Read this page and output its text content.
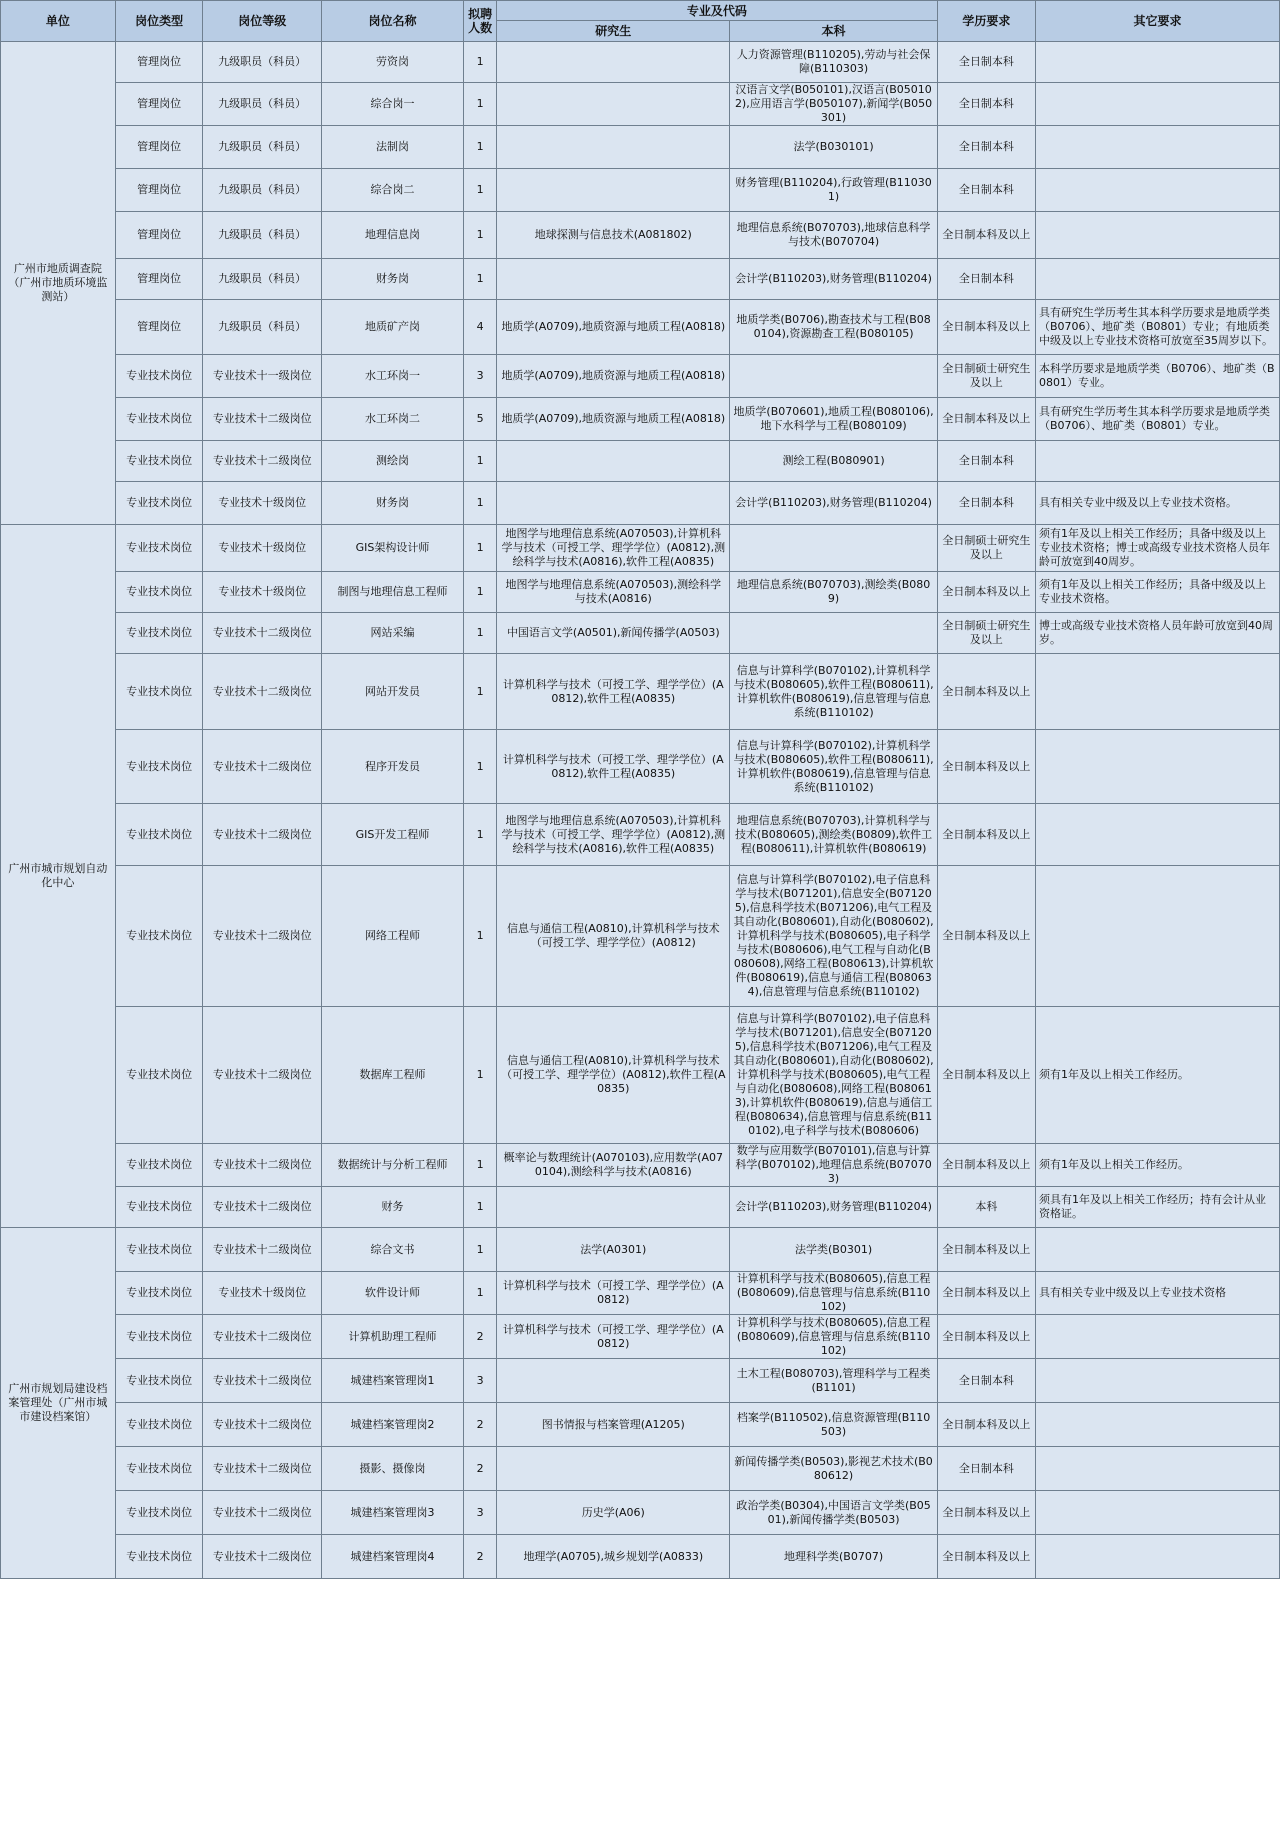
单位	岗位类型	岗位等级	岗位名称	拟聘人数	专业及代码		学历要求	其它要求
					研究生	本科		
广州市地质调查院（广州市地质环境监测站）	管理岗位	九级职员（科员）	劳资岗	1		人力资源管理(B110205),劳动与社会保障(B110303)	全日制本科	
	管理岗位	九级职员（科员）	综合岗一	1		汉语言文学(B050101),汉语言(B050102),应用语言学(B050107),新闻学(B050301)	全日制本科	
	管理岗位	九级职员（科员）	法制岗	1		法学(B030101)	全日制本科	
	管理岗位	九级职员（科员）	综合岗二	1		财务管理(B110204),行政管理(B110301)	全日制本科	
	管理岗位	九级职员（科员）	地理信息岗	1	地球探测与信息技术(A081802)	地理信息系统(B070703),地球信息科学与技术(B070704)	全日制本科及以上	
	管理岗位	九级职员（科员）	财务岗	1		会计学(B110203),财务管理(B110204)	全日制本科	
	管理岗位	九级职员（科员）	地质矿产岗	4	地质学(A0709),地质资源与地质工程(A0818)	地质学类(B0706),勘查技术与工程(B080104),资源勘查工程(B080105)	全日制本科及以上	具有研究生学历考生其本科学历要求是地质学类（B0706）、地矿类（B0801）专业；有地质类中级及以上专业技术资格可放宽至35周岁以下。
	专业技术岗位	专业技术十一级岗位	水工环岗一	3	地质学(A0709),地质资源与地质工程(A0818)		全日制硕士研究生及以上	本科学历要求是地质学类（B0706）、地矿类（B0801）专业。
	专业技术岗位	专业技术十二级岗位	水工环岗二	5	地质学(A0709),地质资源与地质工程(A0818)	地质学(B070601),地质工程(B080106),地下水科学与工程(B080109)	全日制本科及以上	具有研究生学历考生其本科学历要求是地质学类（B0706）、地矿类（B0801）专业。
	专业技术岗位	专业技术十二级岗位	测绘岗	1		测绘工程(B080901)	全日制本科	
	专业技术岗位	专业技术十级岗位	财务岗	1		会计学(B110203),财务管理(B110204)	全日制本科	具有相关专业中级及以上专业技术资格。
广州市城市规划自动化中心	专业技术岗位	专业技术十级岗位	GIS架构设计师	1	地图学与地理信息系统(A070503),计算机科学与技术（可授工学、理学学位）(A0812),测绘科学与技术(A0816),软件工程(A0835)		全日制硕士研究生及以上	须有1年及以上相关工作经历；具备中级及以上专业技术资格；博士或高级专业技术资格人员年龄可放宽到40周岁。
	专业技术岗位	专业技术十级岗位	制图与地理信息工程师	1	地图学与地理信息系统(A070503),测绘科学与技术(A0816)	地理信息系统(B070703),测绘类(B0809)	全日制本科及以上	须有1年及以上相关工作经历；具备中级及以上专业技术资格。
	专业技术岗位	专业技术十二级岗位	网站采编	1	中国语言文学(A0501),新闻传播学(A0503)		全日制硕士研究生及以上	博士或高级专业技术资格人员年龄可放宽到40周岁。
	专业技术岗位	专业技术十二级岗位	网站开发员	1	计算机科学与技术（可授工学、理学学位）(A0812),软件工程(A0835)	信息与计算科学(B070102),计算机科学与技术(B080605),软件工程(B080611),计算机软件(B080619),信息管理与信息系统(B110102)	全日制本科及以上	
	专业技术岗位	专业技术十二级岗位	程序开发员	1	计算机科学与技术（可授工学、理学学位）(A0812),软件工程(A0835)	信息与计算科学(B070102),计算机科学与技术(B080605),软件工程(B080611),计算机软件(B080619),信息管理与信息系统(B110102)	全日制本科及以上	
	专业技术岗位	专业技术十二级岗位	GIS开发工程师	1	地图学与地理信息系统(A070503),计算机科学与技术（可授工学、理学学位）(A0812),测绘科学与技术(A0816),软件工程(A0835)	地理信息系统(B070703),计算机科学与技术(B080605),测绘类(B0809),软件工程(B080611),计算机软件(B080619)	全日制本科及以上	
	专业技术岗位	专业技术十二级岗位	网络工程师	1	信息与通信工程(A0810),计算机科学与技术（可授工学、理学学位）(A0812)	信息与计算科学(B070102),电子信息科学与技术(B071201),信息安全(B071205),信息科学技术(B071206),电气工程及其自动化(B080601),自动化(B080602),计算机科学与技术(B080605),电子科学与技术(B080606),电气工程与自动化(B080608),网络工程(B080613),计算机软件(B080619),信息与通信工程(B080634),信息管理与信息系统(B110102)	全日制本科及以上	
	专业技术岗位	专业技术十二级岗位	数据库工程师	1	信息与通信工程(A0810),计算机科学与技术（可授工学、理学学位）(A0812),软件工程(A0835)	信息与计算科学(B070102),电子信息科学与技术(B071201),信息安全(B071205),信息科学技术(B071206),电气工程及其自动化(B080601),自动化(B080602),计算机科学与技术(B080605),电气工程与自动化(B080608),网络工程(B080613),计算机软件(B080619),信息与通信工程(B080634),信息管理与信息系统(B110102),电子科学与技术(B080606)	全日制本科及以上	须有1年及以上相关工作经历。
	专业技术岗位	专业技术十二级岗位	数据统计与分析工程师	1	概率论与数理统计(A070103),应用数学(A070104),测绘科学与技术(A0816)	数学与应用数学(B070101),信息与计算科学(B070102),地理信息系统(B070703)	全日制本科及以上	须有1年及以上相关工作经历。
	专业技术岗位	专业技术十二级岗位	财务	1		会计学(B110203),财务管理(B110204)	本科	须具有1年及以上相关工作经历；持有会计从业资格证。
广州市规划局建设档案管理处（广州市城市建设档案馆）	专业技术岗位	专业技术十二级岗位	综合文书	1	法学(A0301)	法学类(B0301)	全日制本科及以上	
	专业技术岗位	专业技术十级岗位	软件设计师	1	计算机科学与技术（可授工学、理学学位）(A0812)	计算机科学与技术(B080605),信息工程(B080609),信息管理与信息系统(B110102)	全日制本科及以上	具有相关专业中级及以上专业技术资格
	专业技术岗位	专业技术十二级岗位	计算机助理工程师	2	计算机科学与技术（可授工学、理学学位）(A0812)	计算机科学与技术(B080605),信息工程(B080609),信息管理与信息系统(B110102)	全日制本科及以上	
	专业技术岗位	专业技术十二级岗位	城建档案管理岗1	3		土木工程(B080703),管理科学与工程类(B1101)	全日制本科	
	专业技术岗位	专业技术十二级岗位	城建档案管理岗2	2	图书情报与档案管理(A1205)	档案学(B110502),信息资源管理(B110503)	全日制本科及以上	
	专业技术岗位	专业技术十二级岗位	摄影、摄像岗	2		新闻传播学类(B0503),影视艺术技术(B080612)	全日制本科	
	专业技术岗位	专业技术十二级岗位	城建档案管理岗3	3	历史学(A06)	政治学类(B0304),中国语言文学类(B0501),新闻传播学类(B0503)	全日制本科及以上	
	专业技术岗位	专业技术十二级岗位	城建档案管理岗4	2	地理学(A0705),城乡规划学(A0833)	地理科学类(B0707)	全日制本科及以上	
